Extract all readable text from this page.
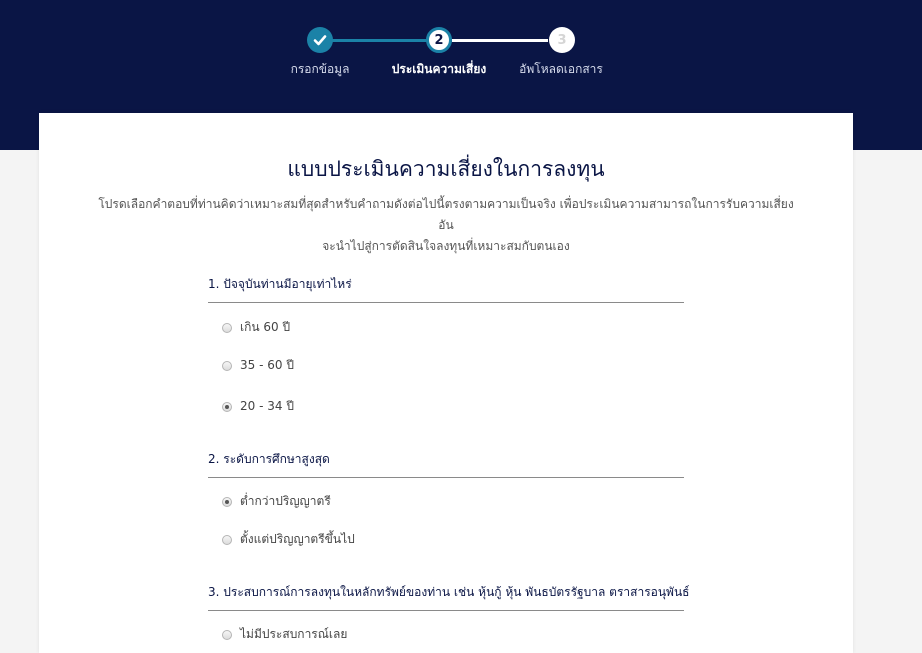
2	3
กรอกข้อมูล	ประเมินความเสี่ยง	อัพโหลดเอกสาร
แบบประเมินความเสี่ยงในการลงทุน
โปรดเลือกคำตอบที่ท่านคิดว่าเหมาะสมที่สุดสำหรับคำถามดังต่อไปนี้ตรงตามความเป็นจริง เพื่อประเมินความสามารถในการรับความเสี่ยงอัน
จะนำไปสู่การตัดสินใจลงทุนที่เหมาะสมกับตนเอง
1. ปัจจุบันท่านมีอายุเท่าไหร่
เกิน 60 ปี
35 - 60 ปี
20 - 34 ปี
2. ระดับการศึกษาสูงสุด
ต่ำกว่าปริญญาตรี
ตั้งแต่ปริญญาตรีขึ้นไป
3. ประสบการณ์การลงทุนในหลักทรัพย์ของท่าน เช่น หุ้นกู้ หุ้น พันธบัตรรัฐบาล ตราสารอนุพันธ์
ไม่มีประสบการณ์เลย
